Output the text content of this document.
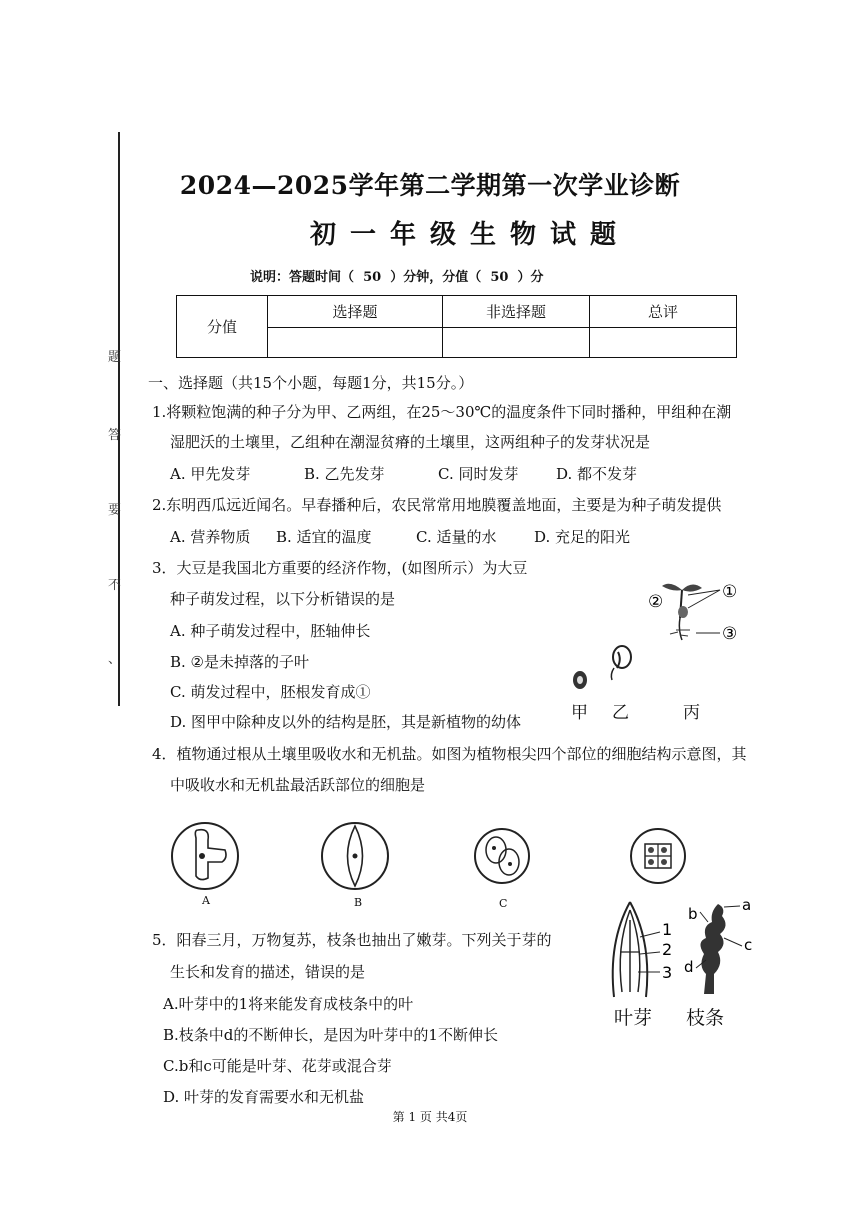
题
答
要
不
、
2024—2025学年第二学期第一次学业诊断
初一年级生物试题
说明：答题时间（ 50 ）分钟，分值（ 50 ）分
分值	选择题	非选择题	总评

一、选择题（共15个小题，每题1分，共15分。）
1.将颗粒饱满的种子分为甲、乙两组，在25～30℃的温度条件下同时播种，甲组种在潮
湿肥沃的土壤里，乙组种在潮湿贫瘠的土壤里，这两组种子的发芽状况是
A. 甲先发芽	B. 乙先发芽	C. 同时发芽	D. 都不发芽
2.东明西瓜远近闻名。早春播种后，农民常常用地膜覆盖地面，主要是为种子萌发提供
A. 营养物质 B. 适宜的温度	C. 适量的水	D. 充足的阳光
3．大豆是我国北方重要的经济作物，(如图所示）为大豆
种子萌发过程，以下分析错误的是
A. 种子萌发过程中，胚轴伸长
B. ②是未掉落的子叶
C. 萌发过程中，胚根发育成①
D. 图甲中除种皮以外的结构是胚，其是新植物的幼体
①
②
③
甲 乙	丙
4．植物通过根从土壤里吸收水和无机盐。如图为植物根尖四个部位的细胞结构示意图，其
中吸收水和无机盐最活跃部位的细胞是
A	B	C
5．阳春三月，万物复苏，枝条也抽出了嫩芽。下列关于芽的
生长和发育的描述，错误的是
A.叶芽中的1将来能发育成枝条中的叶
B.枝条中d的不断伸长，是因为叶芽中的1不断伸长
C.b和c可能是叶芽、花芽或混合芽
D. 叶芽的发育需要水和无机盐
1
2
3
a
b
c
d
叶芽 枝条
第 1 页 共4页
